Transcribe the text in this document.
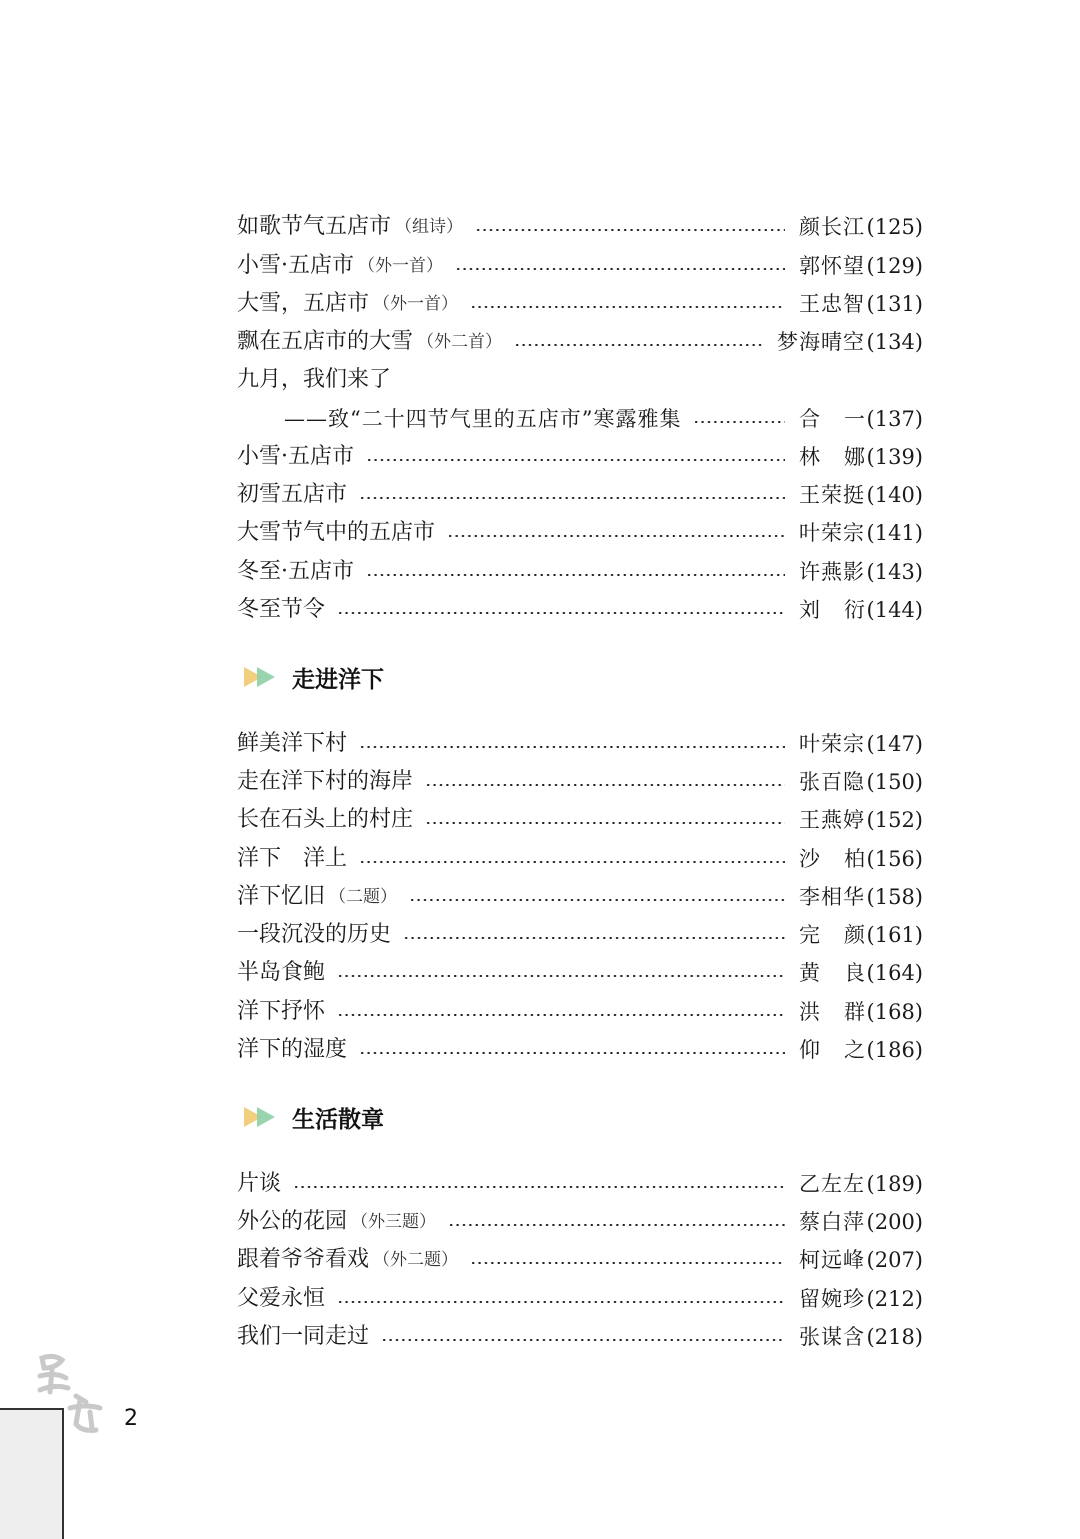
如歌节气五店市 （组诗）	颜长江 (125)
小雪·五店市 （外一首）	郭怀望 (129)
大雪，五店市 （外一首）	王忠智 (131)
飘在五店市的大雪 （外二首）	梦海晴空 (134)
九月，我们来了
——致“二十四节气里的五店市”寒露雅集	合 一 (137)
小雪·五店市	林 娜 (139)
初雪五店市	王荣挺 (140)
大雪节气中的五店市	叶荣宗 (141)
冬至·五店市	许燕影 (143)
冬至节令	刘 衍 (144)
走进洋下
鲜美洋下村	叶荣宗 (147)
走在洋下村的海岸	张百隐 (150)
长在石头上的村庄	王燕婷 (152)
洋下　洋上	沙 柏 (156)
洋下忆旧 （二题）	李相华 (158)
一段沉没的历史	完 颜 (161)
半岛食鲍	黄 良 (164)
洋下抒怀	洪 群 (168)
洋下的湿度	仰 之 (186)
生活散章
片谈	乙左左 (189)
外公的花园 （外三题）	蔡白萍 (200)
跟着爷爷看戏 （外二题）	柯远峰 (207)
父爱永恒	留婉珍 (212)
我们一同走过	张谋含 (218)
2
